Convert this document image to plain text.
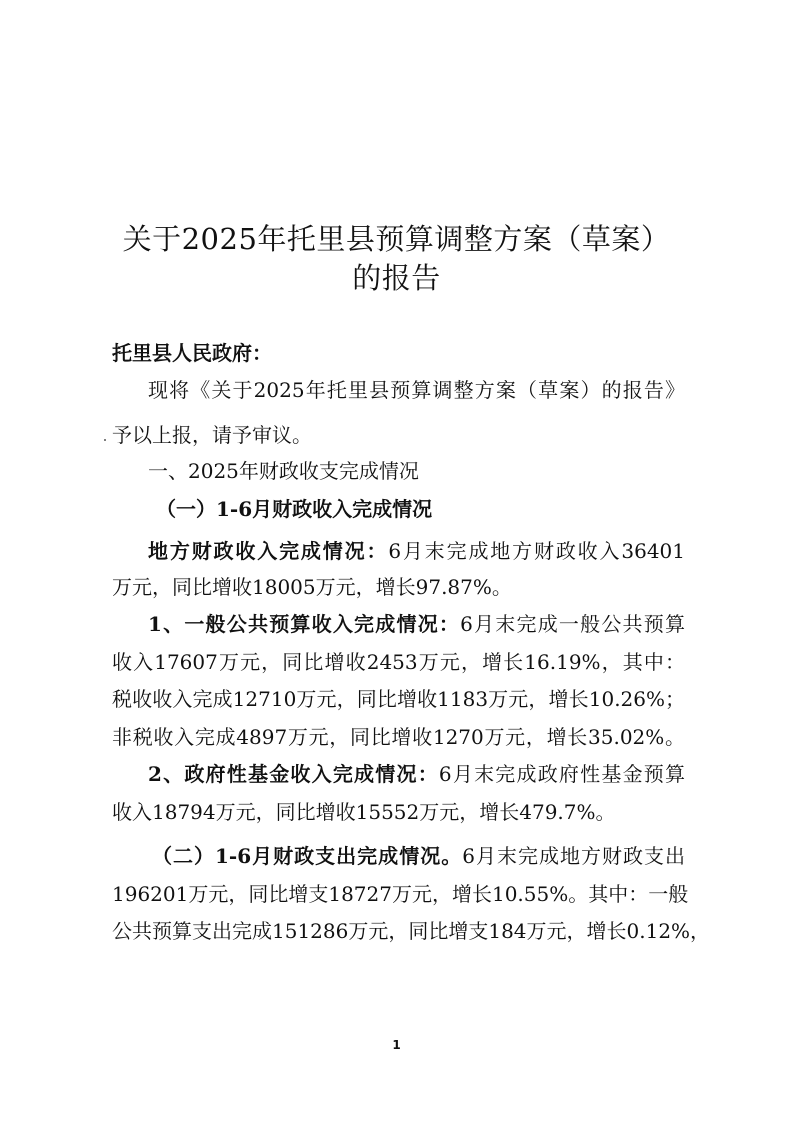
关于2025年托里县预算调整方案（草案）
的报告
托里县人民政府：
现将《关于2025年托里县预算调整方案（草案）的报告》
予以上报，请予审议。
一、2025年财政收支完成情况
（一）1-6月财政收入完成情况
地方财政收入完成情况：6月末完成地方财政收入36401
万元，同比增收18005万元，增长97.87%。
1、一般公共预算收入完成情况：6月末完成一般公共预算
收入17607万元，同比增收2453万元，增长16.19%，其中：
税收收入完成12710万元，同比增收1183万元，增长10.26%；
非税收入完成4897万元，同比增收1270万元，增长35.02%。
2、政府性基金收入完成情况：6月末完成政府性基金预算
收入18794万元，同比增收15552万元，增长479.7%。
（二）1-6月财政支出完成情况。6月末完成地方财政支出
196201万元，同比增支18727万元，增长10.55%。其中：一般
公共预算支出完成151286万元，同比增支184万元，增长0.12%，
1
